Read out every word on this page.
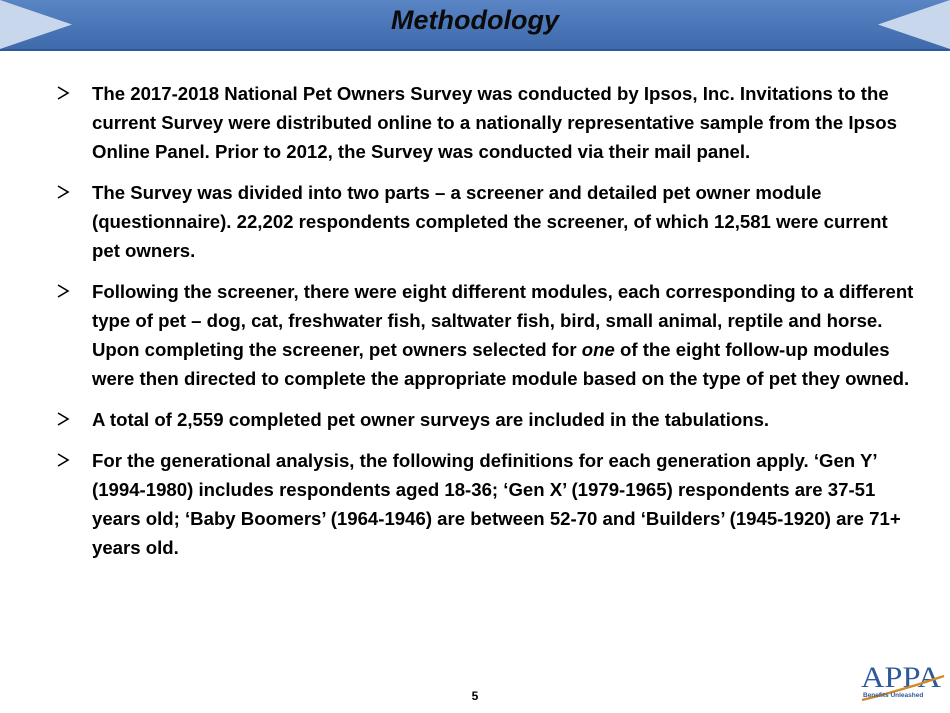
Methodology
The 2017-2018 National Pet Owners Survey was conducted by Ipsos, Inc. Invitations to the current Survey were distributed online to a nationally representative sample from the Ipsos Online Panel. Prior to 2012, the Survey was conducted via their mail panel.
The Survey was divided into two parts – a screener and detailed pet owner module (questionnaire). 22,202 respondents completed the screener, of which 12,581 were current pet owners.
Following the screener, there were eight different modules, each corresponding to a different type of pet – dog, cat, freshwater fish, saltwater fish, bird, small animal, reptile and horse. Upon completing the screener, pet owners selected for one of the eight follow-up modules were then directed to complete the appropriate module based on the type of pet they owned.
A total of 2,559 completed pet owner surveys are included in the tabulations.
For the generational analysis, the following definitions for each generation apply. ‘Gen Y’ (1994-1980) includes respondents aged 18-36; ‘Gen X’ (1979-1965) respondents are 37-51 years old; ‘Baby Boomers’ (1964-1946) are between 52-70 and ‘Builders’ (1945-1920) are 71+ years old.
5
APPA
Benefits Unleashed
